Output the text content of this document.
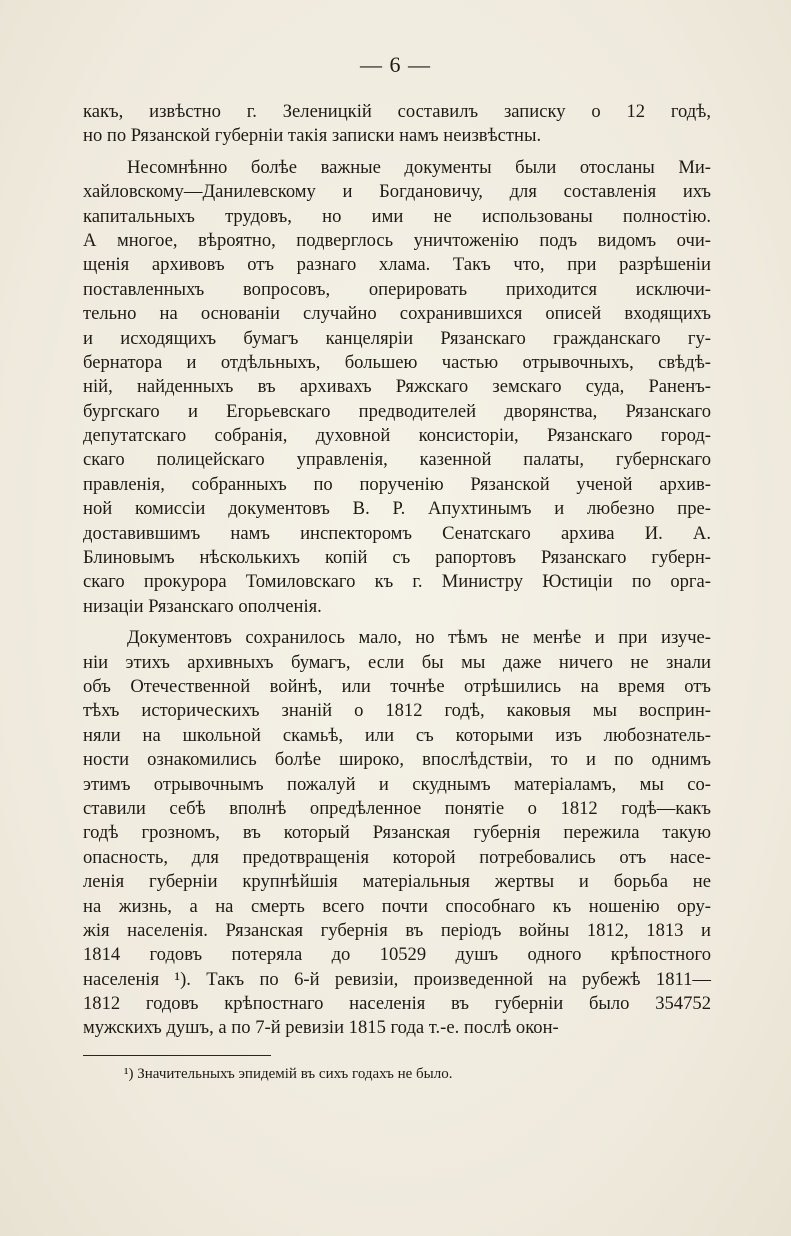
— 6 —
какъ, извѣстно г. Зеленицкій составилъ записку о 12 годѣ,
но по Рязанской губерніи такія записки намъ неизвѣстны.
Несомнѣнно болѣе важные документы были отосланы Ми-
хайловскому—Данилевскому и Богдановичу, для составленія ихъ
капитальныхъ трудовъ, но ими не использованы полностію.
А многое, вѣроятно, подверглось уничтоженію подъ видомъ очи-
щенія архивовъ отъ разнаго хлама. Такъ что, при разрѣшеніи
поставленныхъ вопросовъ, оперировать приходится исключи-
тельно на основаніи случайно сохранившихся описей входящихъ
и исходящихъ бумагъ канцеляріи Рязанскаго гражданскаго гу-
бернатора и отдѣльныхъ, большею частью отрывочныхъ, свѣдѣ-
ній, найденныхъ въ архивахъ Ряжскаго земскаго суда, Раненъ-
бургскаго и Егорьевскаго предводителей дворянства, Рязанскаго
депутатскаго собранія, духовной консисторіи, Рязанскаго город-
скаго полицейскаго управленія, казенной палаты, губернскаго
правленія, собранныхъ по порученію Рязанской ученой архив-
ной комиссіи документовъ В. Р. Апухтинымъ и любезно пре-
доставившимъ намъ инспекторомъ Сенатскаго архива И. А.
Блиновымъ нѣсколькихъ копій съ рапортовъ Рязанскаго губерн-
скаго прокурора Томиловскаго къ г. Министру Юстиціи по орга-
низаціи Рязанскаго ополченія.
Документовъ сохранилось мало, но тѣмъ не менѣе и при изуче-
ніи этихъ архивныхъ бумагъ, если бы мы даже ничего не знали
объ Отечественной войнѣ, или точнѣе отрѣшились на время отъ
тѣхъ историческихъ знаній о 1812 годѣ, каковыя мы восприн-
няли на школьной скамьѣ, или съ которыми изъ любознатель-
ности ознакомились болѣе широко, впослѣдствіи, то и по однимъ
этимъ отрывочнымъ пожалуй и скуднымъ матеріаламъ, мы со-
ставили себѣ вполнѣ опредѣленное понятіе о 1812 годѣ—какъ
годѣ грозномъ, въ который Рязанская губернія пережила такую
опасность, для предотвращенія которой потребовались отъ насе-
ленія губерніи крупнѣйшія матеріальныя жертвы и борьба не
на жизнь, а на смерть всего почти способнаго къ ношенію ору-
жія населенія. Рязанская губернія въ періодъ войны 1812, 1813 и
1814 годовъ потеряла до 10529 душъ одного крѣпостного
населенія ¹). Такъ по 6-й ревизіи, произведенной на рубежѣ 1811—
1812 годовъ крѣпостнаго населенія въ губерніи было 354752
мужскихъ душъ, а по 7-й ревизіи 1815 года т.-е. послѣ окон-
¹) Значительныхъ эпидемій въ сихъ годахъ не было.
